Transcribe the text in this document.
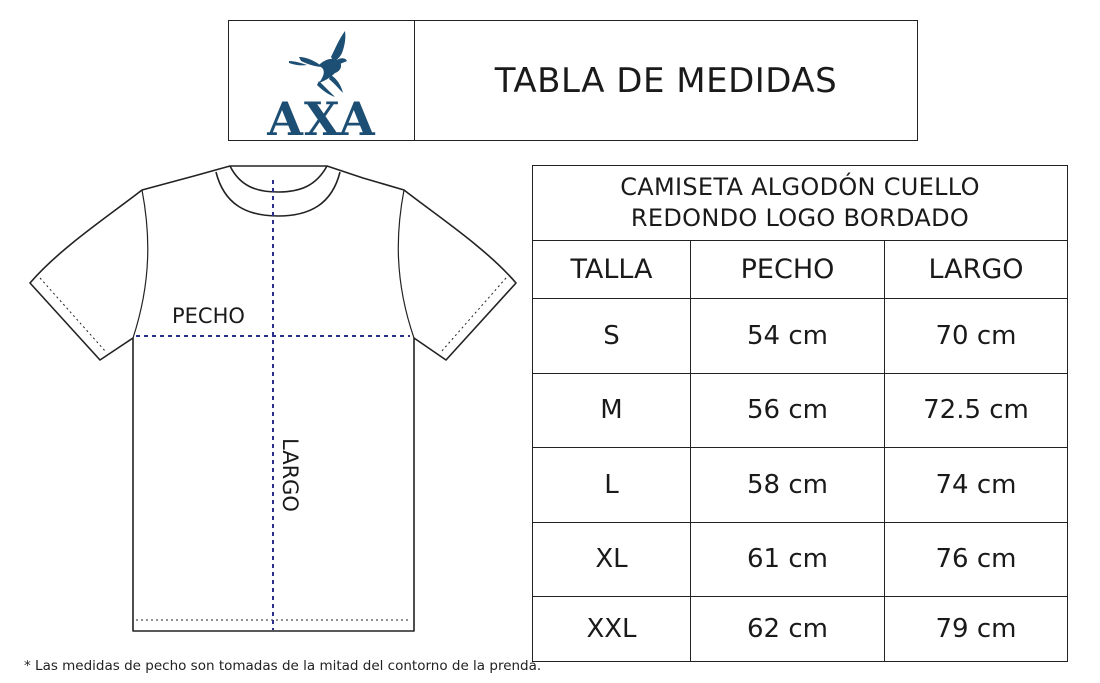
AXA
TABLA DE MEDIDAS
PECHO
LARGO
CAMISETA ALGODÓN CUELLO
REDONDO LOGO BORDADO
TALLA	PECHO	LARGO
S	54 cm	70 cm
M	56 cm	72.5 cm
L	58 cm	74 cm
XL	61 cm	76 cm
XXL	62 cm	79 cm
* Las medidas de pecho son tomadas de la mitad del contorno de la prenda.
